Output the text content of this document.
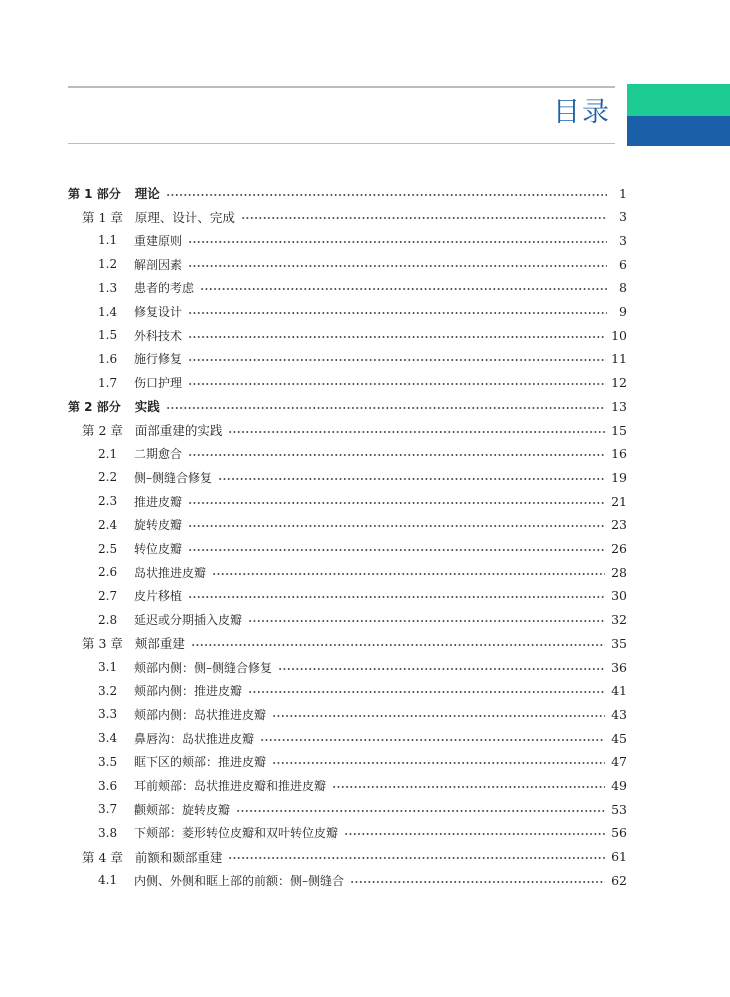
目录
第 1 部分 理论	1
第 1 章 原理、设计、完成	3
1.1	重建原则	3
1.2	解剖因素	6
1.3	患者的考虑	8
1.4	修复设计	9
1.5	外科技术	10
1.6	施行修复	11
1.7	伤口护理	12
第 2 部分 实践	13
第 2 章 面部重建的实践	15
2.1	二期愈合	16
2.2	侧–侧缝合修复	19
2.3	推进皮瓣	21
2.4	旋转皮瓣	23
2.5	转位皮瓣	26
2.6	岛状推进皮瓣	28
2.7	皮片移植	30
2.8	延迟或分期插入皮瓣	32
第 3 章 颊部重建	35
3.1	颊部内侧：侧–侧缝合修复	36
3.2	颊部内侧：推进皮瓣	41
3.3	颊部内侧：岛状推进皮瓣	43
3.4	鼻唇沟：岛状推进皮瓣	45
3.5	眶下区的颊部：推进皮瓣	47
3.6	耳前颊部：岛状推进皮瓣和推进皮瓣	49
3.7	颧颊部：旋转皮瓣	53
3.8	下颊部：菱形转位皮瓣和双叶转位皮瓣	56
第 4 章 前额和颞部重建	61
4.1	内侧、外侧和眶上部的前额：侧–侧缝合	62
